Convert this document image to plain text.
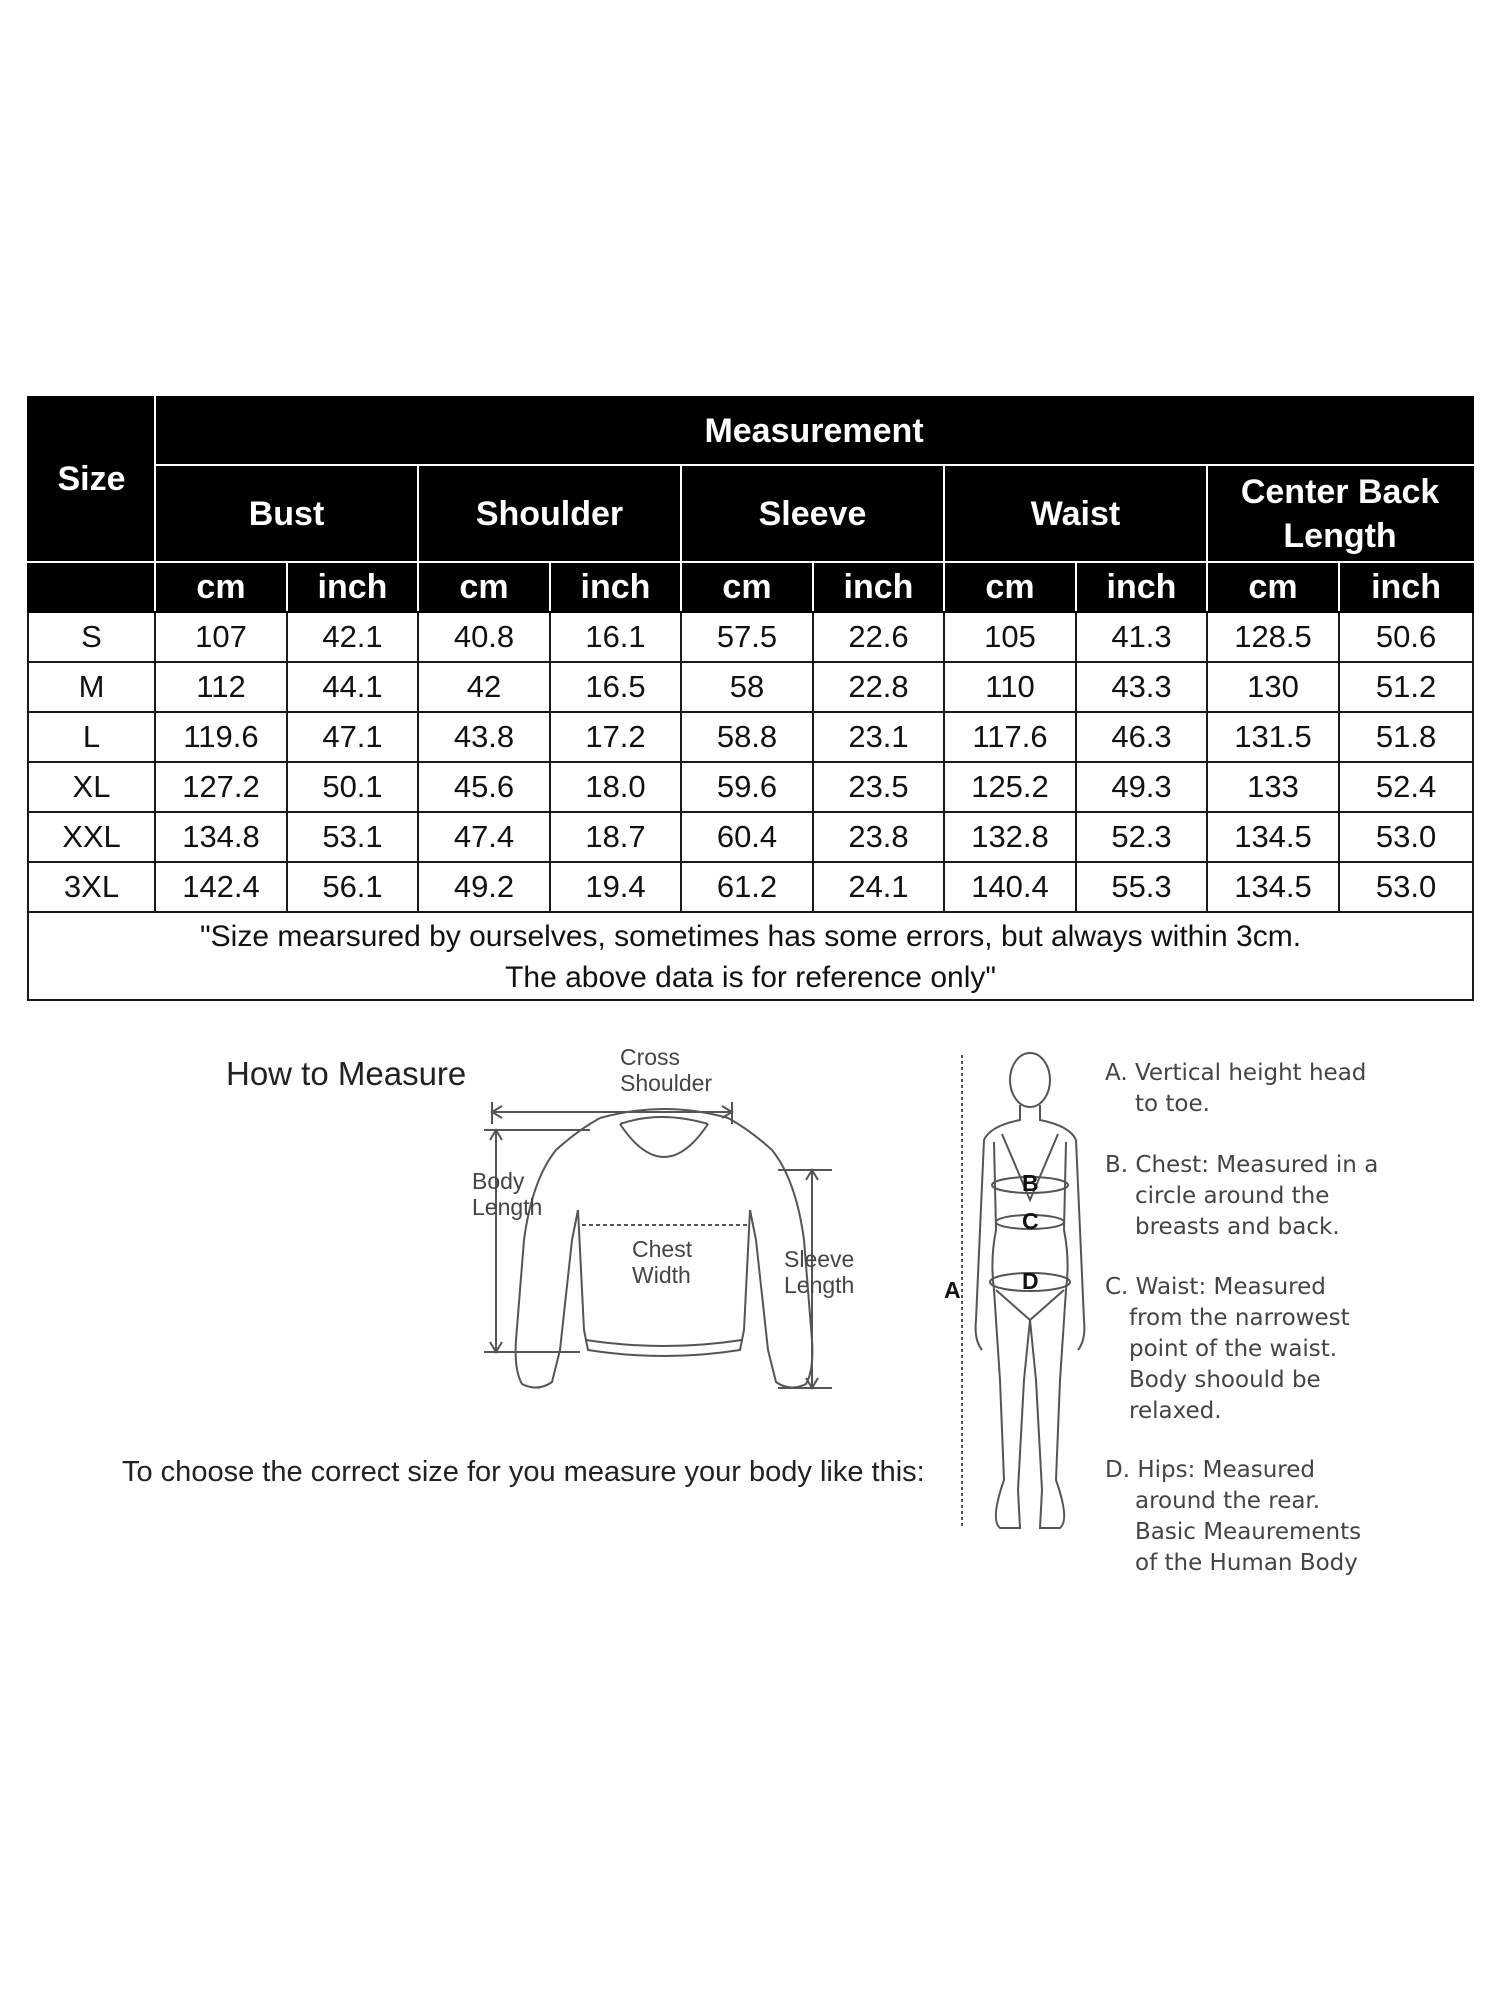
Size	Measurement									
	Bust		Shoulder		Sleeve		Waist		Center Back Length	
	cm	inch	cm	inch	cm	inch	cm	inch	cm	inch
S	107	42.1	40.8	16.1	57.5	22.6	105	41.3	128.5	50.6
M	112	44.1	42	16.5	58	22.8	110	43.3	130	51.2
L	119.6	47.1	43.8	17.2	58.8	23.1	117.6	46.3	131.5	51.8
XL	127.2	50.1	45.6	18.0	59.6	23.5	125.2	49.3	133	52.4
XXL	134.8	53.1	47.4	18.7	60.4	23.8	132.8	52.3	134.5	53.0
3XL	142.4	56.1	49.2	19.4	61.2	24.1	140.4	55.3	134.5	53.0
"Size mearsured by ourselves, sometimes has some errors, but always within 3cm.
The above data is for reference only"										
How to Measure
To choose the correct size for you measure your body like this:
Cross
Shoulder
Body
Length
Chest
Width
Sleeve
Length
B
C
D
A
A. Vertical height head
to toe.
B. Chest: Measured in a
circle around the
breasts and back.
C. Waist: Measured
from the narrowest
point of the waist.
Body shoould be
relaxed.
D. Hips: Measured
around the rear.
Basic Meaurements
of the Human Body
